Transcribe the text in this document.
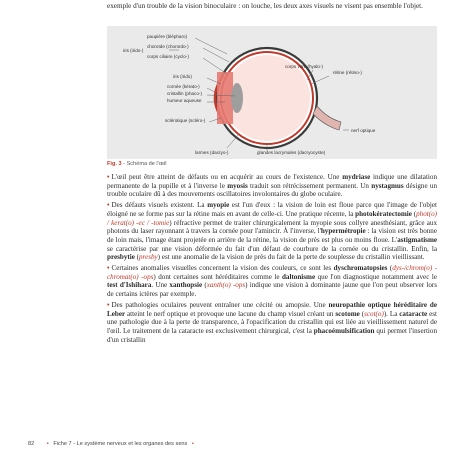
exemple d'un trouble de la vision binoculaire : on louche, les deux axes visuels ne visent pas ensemble l'objet.

paupière (blépharo)
iris (irido-)
choroïde (choroïdo-)
corps ciliaire (cyclo-)
iris (irido)
cornée (kérato-)
cristallin (phaco-)
humeur aqueuse
sclérotique (scléro-)
corps vitré (hyalo-)
rétine (rétino-)
nerf optique
larmes (dacryo-)	glandes lacrymales (dacryocyste)
Fig. 3 - Schéma de l'œil

• L'œil peut être atteint de défauts ou en acquérir au cours de l'existence. Une mydriase indique une dilatation permanente de la pupille et à l'inverse le myosis traduit son rétrécissement permanent. Un nystagmus désigne un trouble oculaire dû à des mouvements oscillatoires involontaires du globe oculaire.

• Des défauts visuels existent. La myopie est l'un d'eux : la vision de loin est floue parce que l'image de l'objet éloigné ne se forme pas sur la rétine mais en avant de celle-ci. Une pratique récente, la photokératectomie (phot(o) / kerat(o) -ec / -tomie) réfractive permet de traiter chirurgicalement la myopie sous collyre anesthésiant, grâce aux photons du laser rayonnant à travers la cornée pour l'amincir. À l'inverse, l'hypermétropie : la vision est très bonne de loin mais, l'image étant projetée en arrière de la rétine, la vision de près est plus ou moins floue. L'astigmatisme se caractérise par une vision déformée du fait d'un défaut de courbure de la cornée ou du cristallin. Enfin, la presbytie (presby) est une anomalie de la vision de près du fait de la perte de souplesse du cristallin vieillissant.

• Certaines anomalies visuelles concernent la vision des couleurs, ce sont les dyschromatopsies (dys-/chrom(o) - chromat(o) -ops) dont certaines sont héréditaires comme le daltonisme que l'on diagnostique notamment avec le test d'Ishihara. Une xanthopsie (xanth(o) -ops) indique une vision à dominante jaune que l'on peut observer lors de certains ictères par exemple.

• Des pathologies oculaires peuvent entraîner une cécité ou amopsie. Une neuropathie optique héréditaire de Leber atteint le nerf optique et provoque une lacune du champ visuel créant un scotome (scot(o)). La cataracte est une pathologie due à la perte de transparence, à l'opacification du cristallin qui est liée au vieillissement naturel de l'œil. Le traitement de la cataracte est exclusivement chirurgical, c'est la phacoémulsification qui permet l'insertion d'un cristallin

82 • Fiche 7 - Le système nerveux et les organes des sens •
